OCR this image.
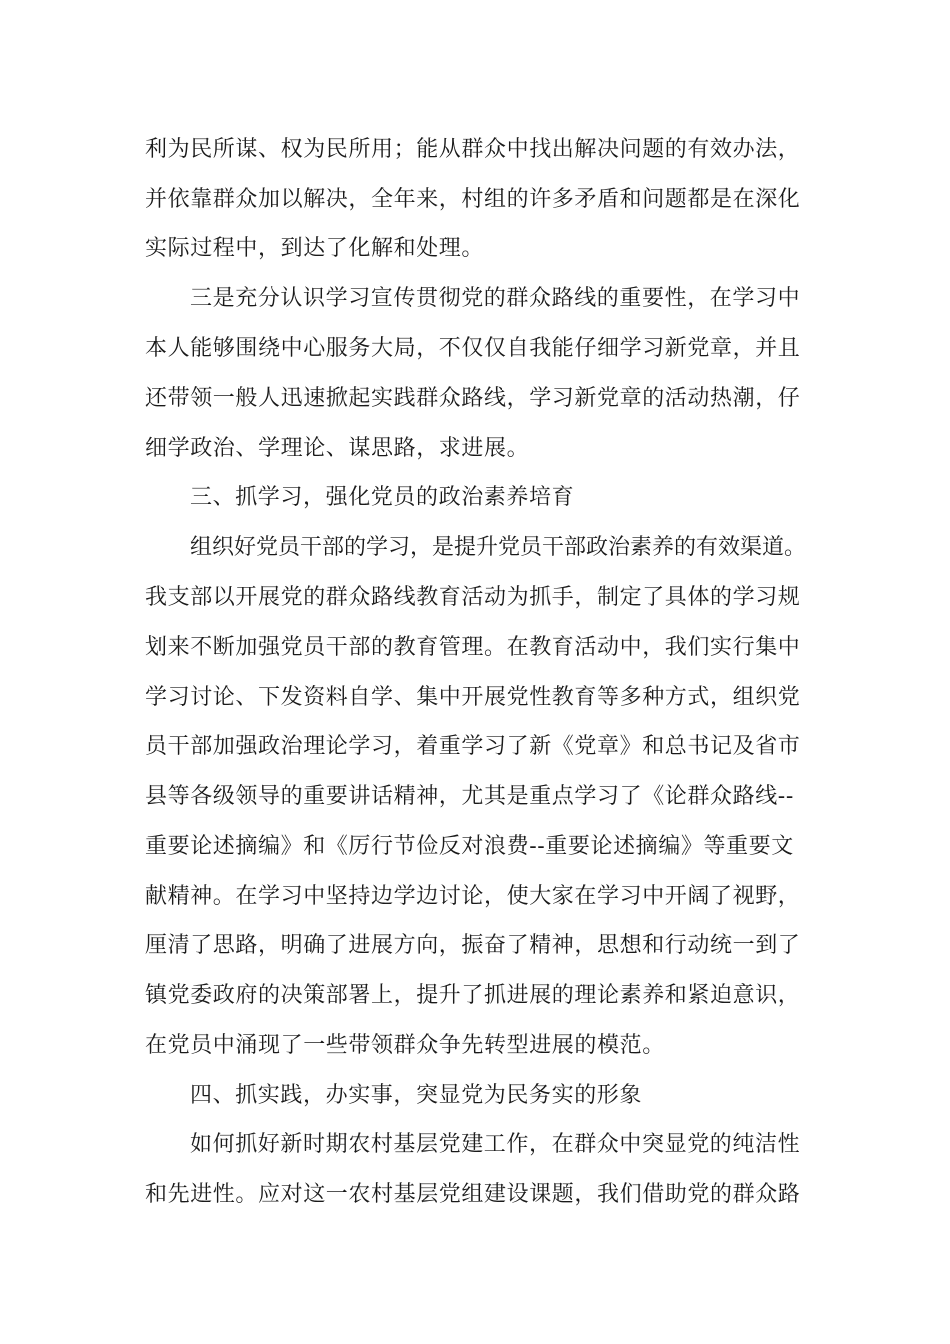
利为民所谋、权为民所用；能从群众中找出解决问题的有效办法，
并依靠群众加以解决，全年来，村组的许多矛盾和问题都是在深化
实际过程中，到达了化解和处理。
三是充分认识学习宣传贯彻党的群众路线的重要性，在学习中
本人能够围绕中心服务大局，不仅仅自我能仔细学习新党章，并且
还带领一般人迅速掀起实践群众路线，学习新党章的活动热潮，仔
细学政治、学理论、谋思路，求进展。
三、抓学习，强化党员的政治素养培育
组织好党员干部的学习，是提升党员干部政治素养的有效渠道。
我支部以开展党的群众路线教育活动为抓手，制定了具体的学习规
划来不断加强党员干部的教育管理。在教育活动中，我们实行集中
学习讨论、下发资料自学、集中开展党性教育等多种方式，组织党
员干部加强政治理论学习，着重学习了新《党章》和总书记及省市
县等各级领导的重要讲话精神，尤其是重点学习了《论群众路线--
重要论述摘编》和《厉行节俭反对浪费--重要论述摘编》等重要文
献精神。在学习中坚持边学边讨论，使大家在学习中开阔了视野，
厘清了思路，明确了进展方向，振奋了精神，思想和行动统一到了
镇党委政府的决策部署上，提升了抓进展的理论素养和紧迫意识，
在党员中涌现了一些带领群众争先转型进展的模范。
四、抓实践，办实事，突显党为民务实的形象
如何抓好新时期农村基层党建工作，在群众中突显党的纯洁性
和先进性。应对这一农村基层党组建设课题，我们借助党的群众路
